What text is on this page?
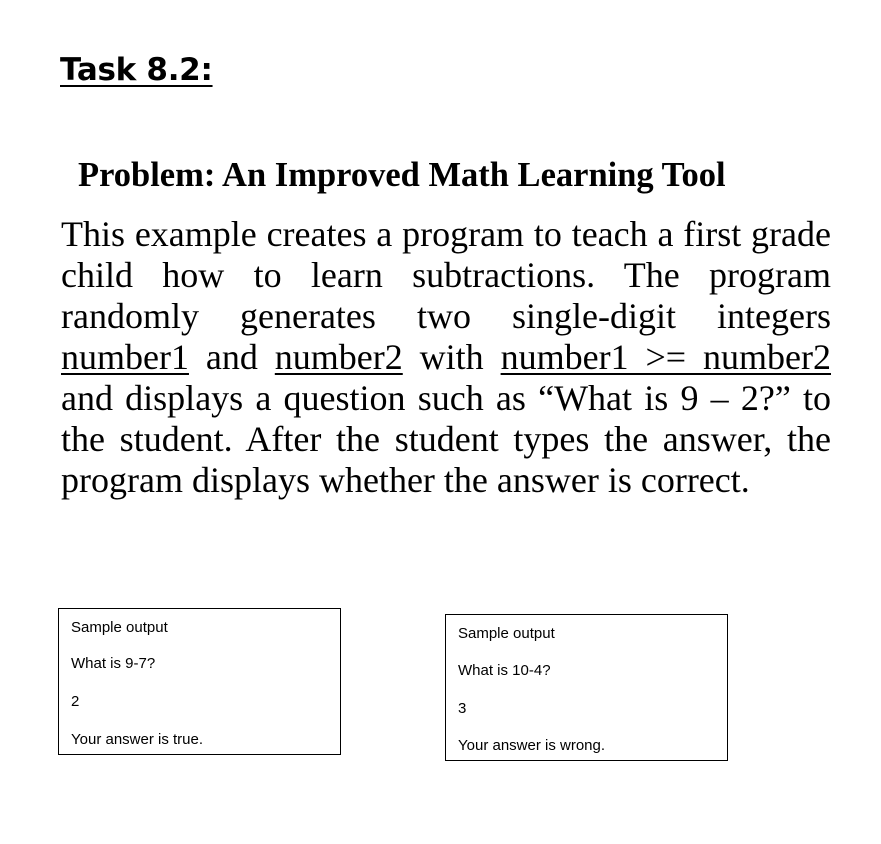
Task 8.2:
Problem: An Improved Math Learning Tool

This example creates a program to teach a first grade child how to learn subtractions. The program randomly generates two single-digit integers number1 and number2 with number1 >= number2 and displays a question such as “What is 9 – 2?” to the student. After the student types the answer, the program displays whether the answer is correct.

Sample output
What is 9-7?
2
Your answer is true.
Sample output
What is 10-4?
3
Your answer is wrong.
